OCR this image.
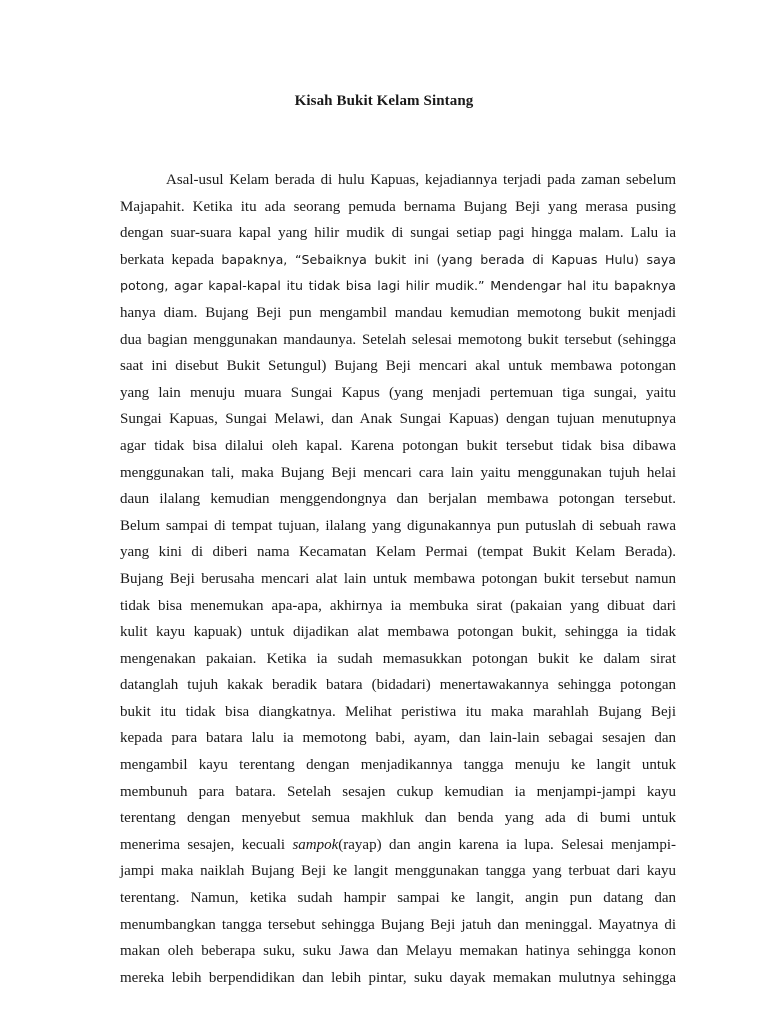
Kisah Bukit Kelam Sintang
Asal-usul Kelam berada di hulu Kapuas, kejadiannya terjadi pada zaman sebelum
Majapahit. Ketika itu ada seorang pemuda bernama Bujang Beji yang merasa pusing
dengan suar-suara kapal yang hilir mudik di sungai setiap pagi hingga malam. Lalu ia
berkata kepada bapaknya, “Sebaiknya bukit ini (yang berada di Kapuas Hulu) saya
potong, agar kapal-kapal itu tidak bisa lagi hilir mudik.” Mendengar hal itu bapaknya
hanya diam. Bujang Beji pun mengambil mandau kemudian memotong bukit menjadi
dua bagian menggunakan mandaunya. Setelah selesai memotong bukit tersebut (sehingga
saat ini disebut Bukit Setungul) Bujang Beji mencari akal untuk membawa potongan
yang lain menuju muara Sungai Kapus (yang menjadi pertemuan tiga sungai, yaitu
Sungai Kapuas, Sungai Melawi, dan Anak Sungai Kapuas) dengan tujuan menutupnya
agar tidak bisa dilalui oleh kapal. Karena potongan bukit tersebut tidak bisa dibawa
menggunakan tali, maka Bujang Beji mencari cara lain yaitu menggunakan tujuh helai
daun ilalang kemudian menggendongnya dan berjalan membawa potongan tersebut.
Belum sampai di tempat tujuan, ilalang yang digunakannya pun putuslah di sebuah rawa
yang kini di diberi nama Kecamatan Kelam Permai (tempat Bukit Kelam Berada).
Bujang Beji berusaha mencari alat lain untuk membawa potongan bukit tersebut namun
tidak bisa menemukan apa-apa, akhirnya ia membuka sirat (pakaian yang dibuat dari
kulit kayu kapuak) untuk dijadikan alat membawa potongan bukit, sehingga ia tidak
mengenakan pakaian. Ketika ia sudah memasukkan potongan bukit ke dalam sirat
datanglah tujuh kakak beradik batara (bidadari) menertawakannya sehingga potongan
bukit itu tidak bisa diangkatnya. Melihat peristiwa itu maka marahlah Bujang Beji
kepada para batara lalu ia memotong babi, ayam, dan lain-lain sebagai sesajen dan
mengambil kayu terentang dengan menjadikannya tangga menuju ke langit untuk
membunuh para batara. Setelah sesajen cukup kemudian ia menjampi-jampi kayu
terentang dengan menyebut semua makhluk dan benda yang ada di bumi untuk
menerima sesajen, kecuali sampok(rayap) dan angin karena ia lupa. Selesai menjampi-
jampi maka naiklah Bujang Beji ke langit menggunakan tangga yang terbuat dari kayu
terentang. Namun, ketika sudah hampir sampai ke langit, angin pun datang dan
menumbangkan tangga tersebut sehingga Bujang Beji jatuh dan meninggal. Mayatnya di
makan oleh beberapa suku, suku Jawa dan Melayu memakan hatinya sehingga konon
mereka lebih berpendidikan dan lebih pintar, suku dayak memakan mulutnya sehingga
